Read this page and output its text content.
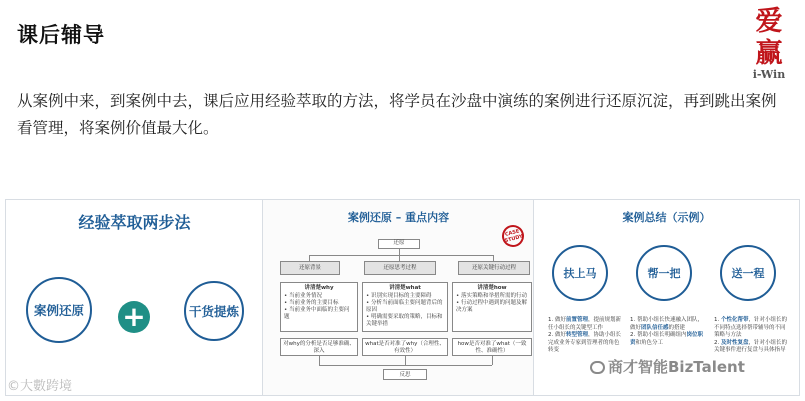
课后辅导	爱赢
i-Win
从案例中来，到案例中去，课后应用经验萃取的方法，将学员在沙盘中演练的案例进行还原沉淀，再到跳出案例看管理，将案例价值最大化。
经验萃取两步法
案例还原 +	干货提炼
案例还原 – 重点内容
CASE STUDY
还原
还原背景	还原思考过程	还原关键行动过程
讲清楚why
• 当前业务情况
• 当前业务的主要目标
• 当前业务中面临的主要问题
讲清楚what
• 识别实现目标的主要障碍
• 分析当前面临主要问题背后的原因
• 明确需要采取的策略，目标和关键举措
讲清楚how
• 落实策略和举措所需的行动
• 行动过程中遇到的问题及解决方案
对why的分析是否足够准确、深入
what是否对准了why（合理性、有效性）
how是否对准了what（一致性、准确性）
反思
案例总结（示例）
扶上马	帮一把	送一程
1. 做好前置管理，提前规划新任小组长的关键型工作
2. 做好转型管理，协助小组长完成业务专家到管理者的角色转变
1. 帮助小组长快速融入团队，做好团队信任感的搭建
2. 帮助小组长明确组内岗位职责和角色分工
1. 个性化帮带，针对小组长的不同特点选择帮带辅导的不同策略与方法
2. 及时性复盘，针对小组长的关键事件进行复盘与具体指导
©大數跨境
商才智能BizTalent
